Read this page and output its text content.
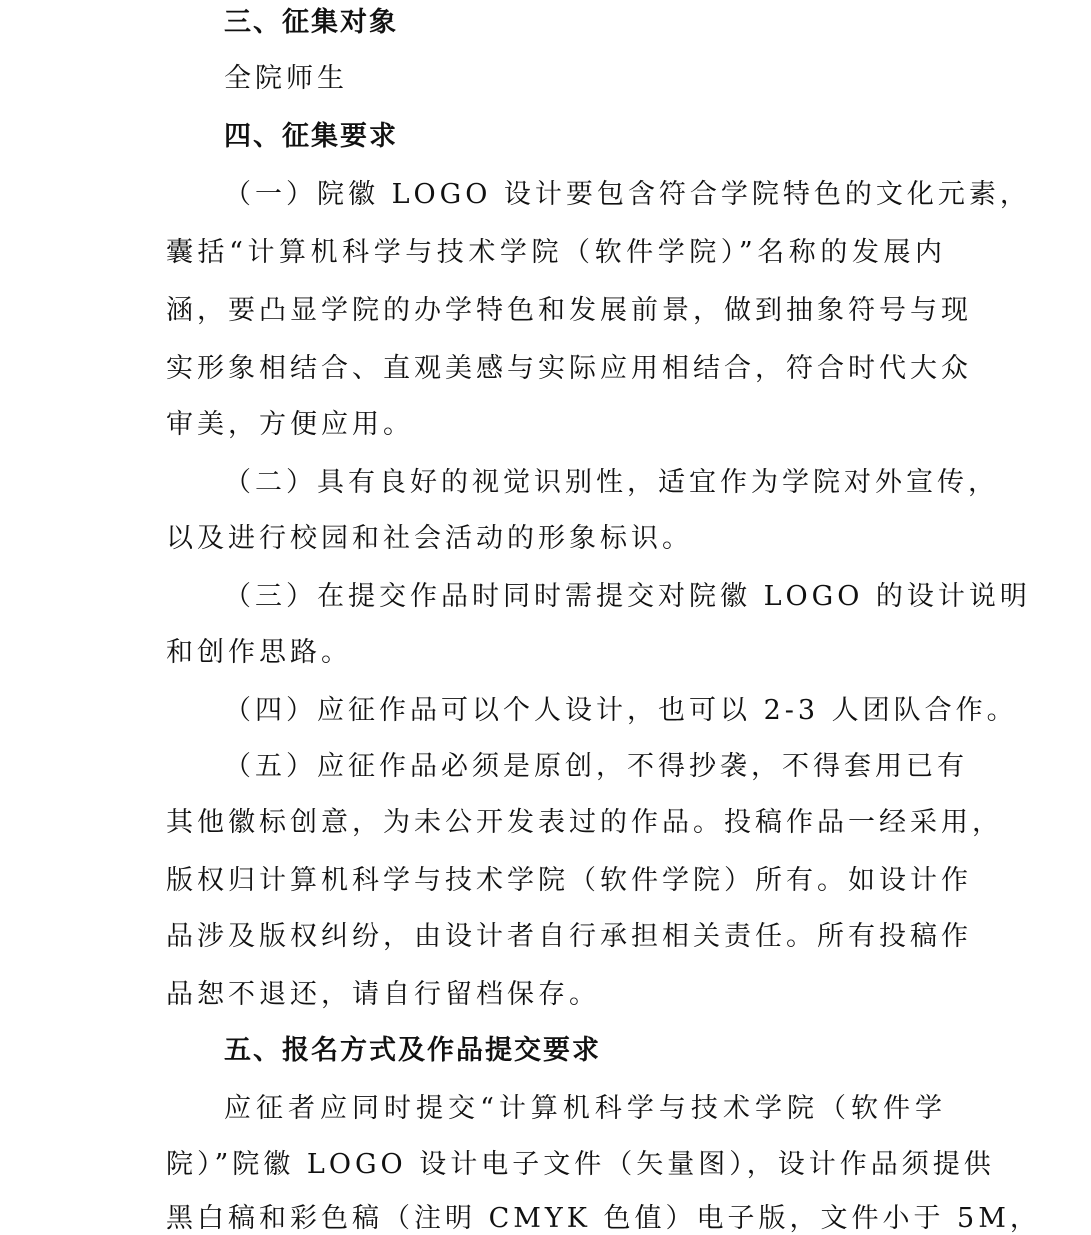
三、征集对象
全院师生
四、征集要求
（一）院徽 LOGO 设计要包含符合学院特色的文化元素，
囊括“计算机科学与技术学院（软件学院）”名称的发展内
涵，要凸显学院的办学特色和发展前景，做到抽象符号与现
实形象相结合、直观美感与实际应用相结合，符合时代大众
审美，方便应用。
（二）具有良好的视觉识别性，适宜作为学院对外宣传，
以及进行校园和社会活动的形象标识。
（三）在提交作品时同时需提交对院徽 LOGO 的设计说明
和创作思路。
（四）应征作品可以个人设计，也可以 2-3 人团队合作。
（五）应征作品必须是原创，不得抄袭，不得套用已有
其他徽标创意，为未公开发表过的作品。投稿作品一经采用，
版权归计算机科学与技术学院（软件学院）所有。如设计作
品涉及版权纠纷，由设计者自行承担相关责任。所有投稿作
品恕不退还，请自行留档保存。
五、报名方式及作品提交要求
应征者应同时提交“计算机科学与技术学院（软件学
院）”院徽 LOGO 设计电子文件（矢量图），设计作品须提供
黑白稿和彩色稿（注明 CMYK 色值）电子版，文件小于 5M，
